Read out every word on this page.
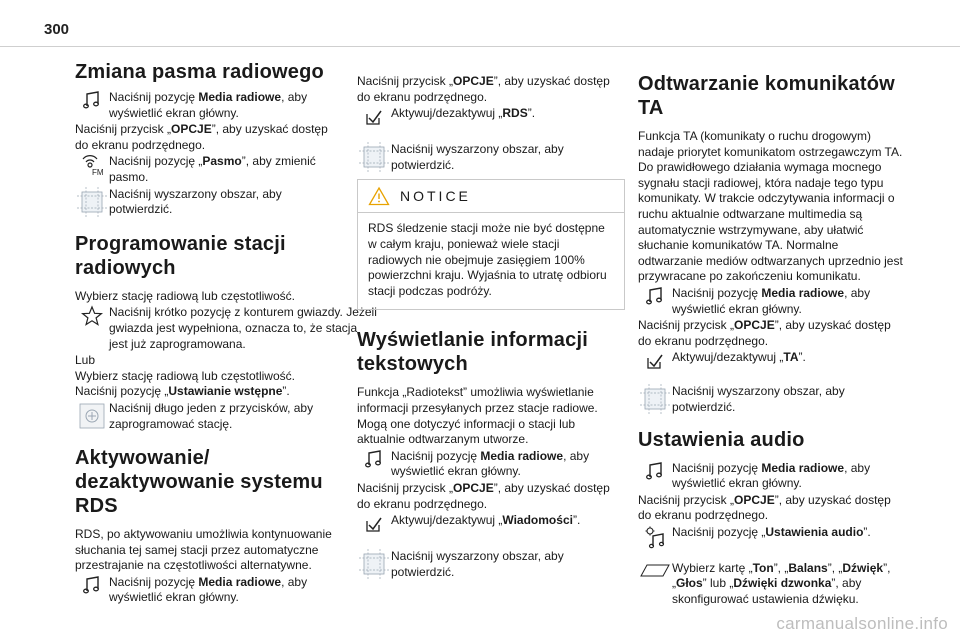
300
Zmiana pasma radiowego
Naciśnij pozycję Media radiowe, aby wyświetlić ekran główny.

Naciśnij przycisk „OPCJE”, aby uzyskać dostęp do ekranu podrzędnego.

FM
Naciśnij pozycję „Pasmo”, aby zmienić pasmo.
Naciśnij wyszarzony obszar, aby potwierdzić.
Programowanie stacji radiowych

Wybierz stację radiową lub częstotliwość.

Naciśnij krótko pozycję z konturem gwiazdy. Jeżeli gwiazda jest wypełniona, oznacza to, że stacja jest już zaprogramowana.

Lub

Wybierz stację radiową lub częstotliwość.

Naciśnij pozycję „Ustawianie wstępne”.

Naciśnij długo jeden z przycisków, aby zaprogramować stację.
Aktywowanie/ dezaktywowanie systemu RDS

RDS, po aktywowaniu umożliwia kontynuowanie słuchania tej samej stacji przez automatyczne przestrajanie na częstotliwości alternatywne.

Naciśnij pozycję Media radiowe, aby wyświetlić ekran główny.

Naciśnij przycisk „OPCJE”, aby uzyskać dostęp do ekranu podrzędnego.

Aktywuj/dezaktywuj „RDS”.
Naciśnij wyszarzony obszar, aby potwierdzić.
NOTICE

RDS śledzenie stacji może nie być dostępne w całym kraju, ponieważ wiele stacji radiowych nie obejmuje zasięgiem 100% powierzchni kraju. Wyjaśnia to utratę odbioru stacji podczas podróży.

Wyświetlanie informacji tekstowych

Funkcja „Radiotekst” umożliwia wyświetlanie informacji przesyłanych przez stacje radiowe. Mogą one dotyczyć informacji o stacji lub aktualnie odtwarzanym utworze.

Naciśnij pozycję Media radiowe, aby wyświetlić ekran główny.

Naciśnij przycisk „OPCJE”, aby uzyskać dostęp do ekranu podrzędnego.

Aktywuj/dezaktywuj „Wiadomości”.
Naciśnij wyszarzony obszar, aby potwierdzić.
Odtwarzanie komunikatów TA

Funkcja TA (komunikaty o ruchu drogowym) nadaje priorytet komunikatom ostrzegawczym TA. Do prawidłowego działania wymaga mocnego sygnału stacji radiowej, która nadaje tego typu komunikaty. W trakcie odczytywania informacji o ruchu aktualnie odtwarzane multimedia są automatycznie wstrzymywane, aby ułatwić słuchanie komunikatów TA. Normalne odtwarzanie mediów odtwarzanych uprzednio jest przywracane po zakończeniu komunikatu.

Naciśnij pozycję Media radiowe, aby wyświetlić ekran główny.

Naciśnij przycisk „OPCJE”, aby uzyskać dostęp do ekranu podrzędnego.

Aktywuj/dezaktywuj „TA”.
Naciśnij wyszarzony obszar, aby potwierdzić.
Ustawienia audio
Naciśnij pozycję Media radiowe, aby wyświetlić ekran główny.

Naciśnij przycisk „OPCJE”, aby uzyskać dostęp do ekranu podrzędnego.

Naciśnij pozycję „Ustawienia audio”.
Wybierz kartę „Ton”, „Balans”, „Dźwięk”, „Głos” lub „Dźwięki dzwonka”, aby skonfigurować ustawienia dźwięku.
carmanualsonline.info
